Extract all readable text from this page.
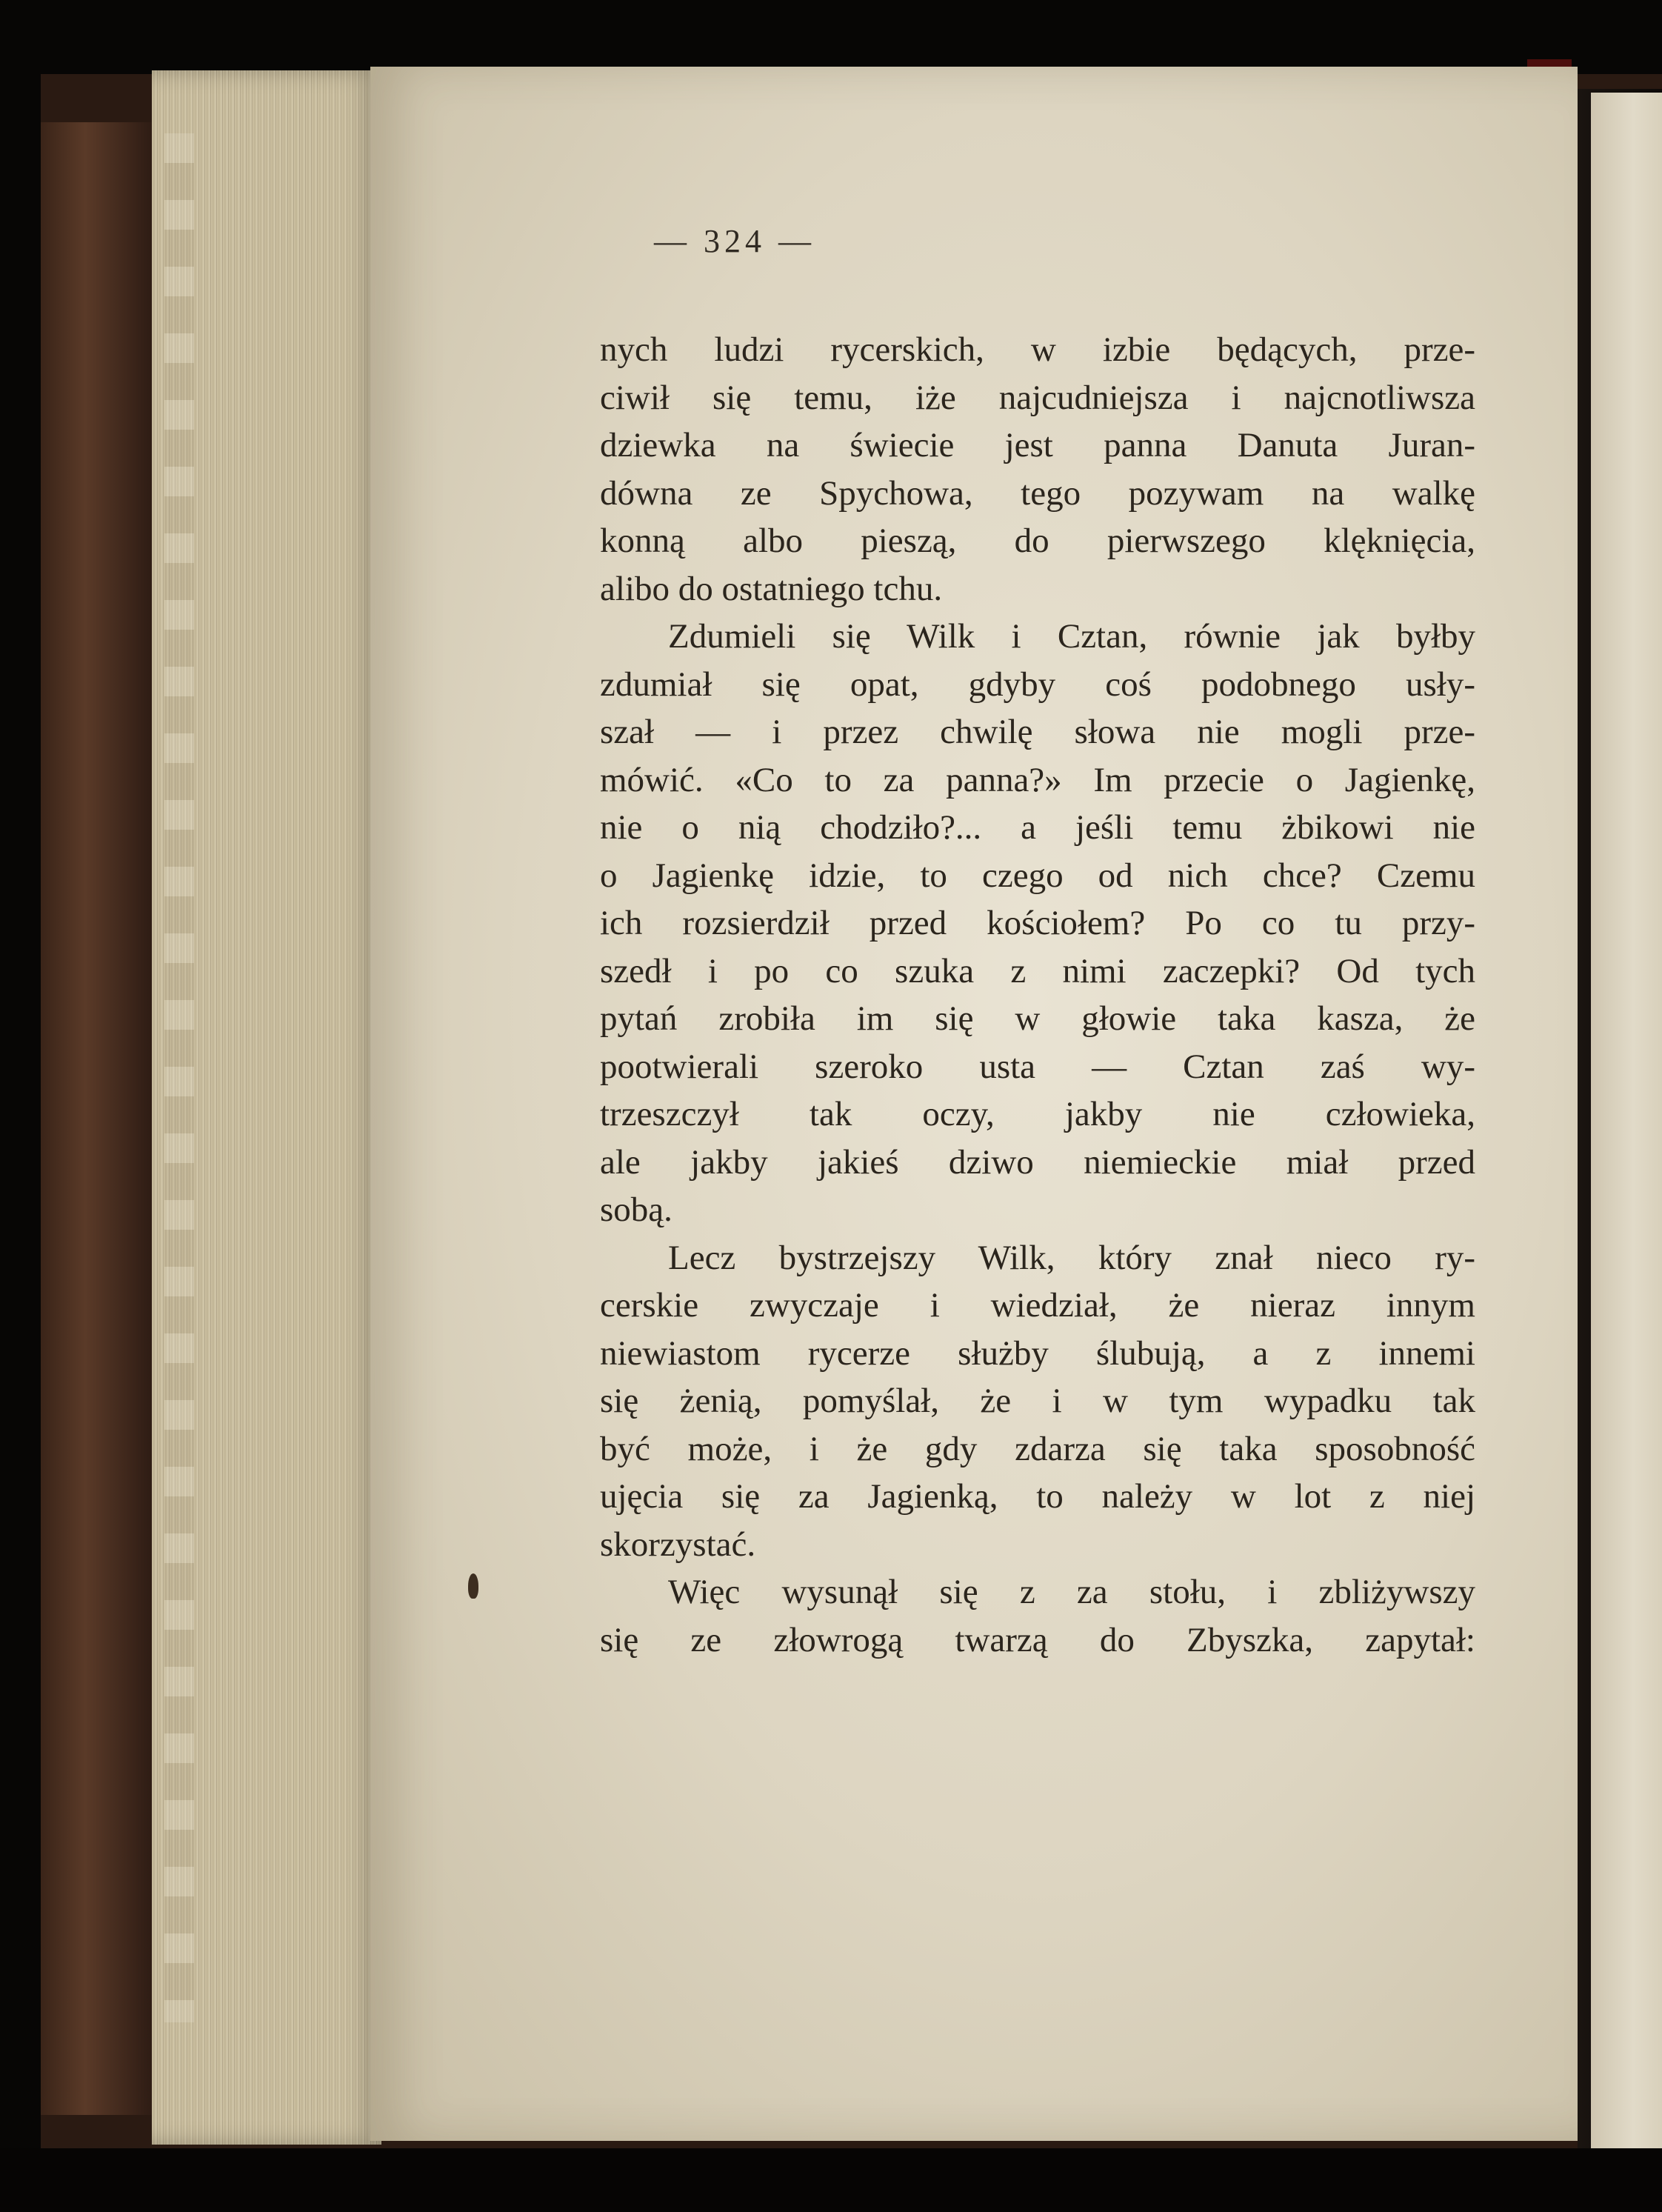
— 324 —
nych ludzi rycerskich, w izbie będących, prze-
ciwił się temu, iże najcudniejsza i najcnotliwsza
dziewka na świecie jest panna Danuta Juran-
dówna ze Spychowa, tego pozywam na walkę
konną albo pieszą, do pierwszego klęknięcia,
alibo do ostatniego tchu.
Zdumieli się Wilk i Cztan, równie jak byłby
zdumiał się opat, gdyby coś podobnego usły-
szał — i przez chwilę słowa nie mogli prze-
mówić. «Co to za panna?» Im przecie o Jagienkę,
nie o nią chodziło?... a jeśli temu żbikowi nie
o Jagienkę idzie, to czego od nich chce? Czemu
ich rozsierdził przed kościołem? Po co tu przy-
szedł i po co szuka z nimi zaczepki? Od tych
pytań zrobiła im się w głowie taka kasza, że
pootwierali szeroko usta — Cztan zaś wy-
trzeszczył tak oczy, jakby nie człowieka,
ale jakby jakieś dziwo niemieckie miał przed
sobą.
Lecz bystrzejszy Wilk, który znał nieco ry-
cerskie zwyczaje i wiedział, że nieraz innym
niewiastom rycerze służby ślubują, a z innemi
się żenią, pomyślał, że i w tym wypadku tak
być może, i że gdy zdarza się taka sposobność
ujęcia się za Jagienką, to należy w lot z niej
skorzystać.
Więc wysunął się z za stołu, i zbliżywszy
się ze złowrogą twarzą do Zbyszka, zapytał:
